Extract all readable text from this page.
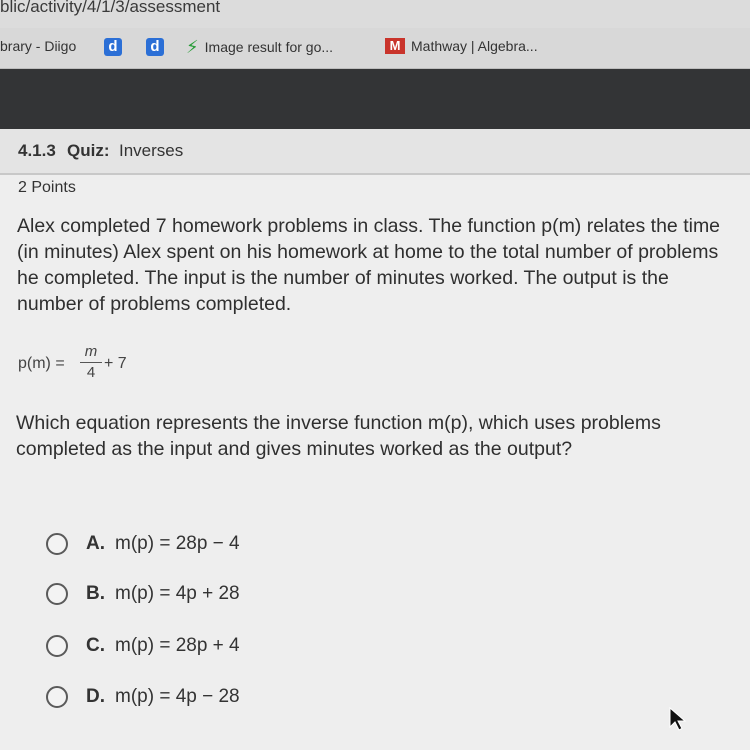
blic/activity/4/1/3/assessment
brary - Diigo d d ⚡ Image result for go...	M Mathway | Algebra...
4.1.3 Quiz: Inverses
2 Points
Alex completed 7 homework problems in class. The function p(m) relates the time (in minutes) Alex spent on his homework at home to the total number of problems he completed. The input is the number of minutes worked. The output is the number of problems completed.
p(m) =
m
4
+ 7
Which equation represents the inverse function m(p), which uses problems completed as the input and gives minutes worked as the output?
A. m(p) = 28p − 4
B. m(p) = 4p + 28
C. m(p) = 28p + 4
D. m(p) = 4p − 28
